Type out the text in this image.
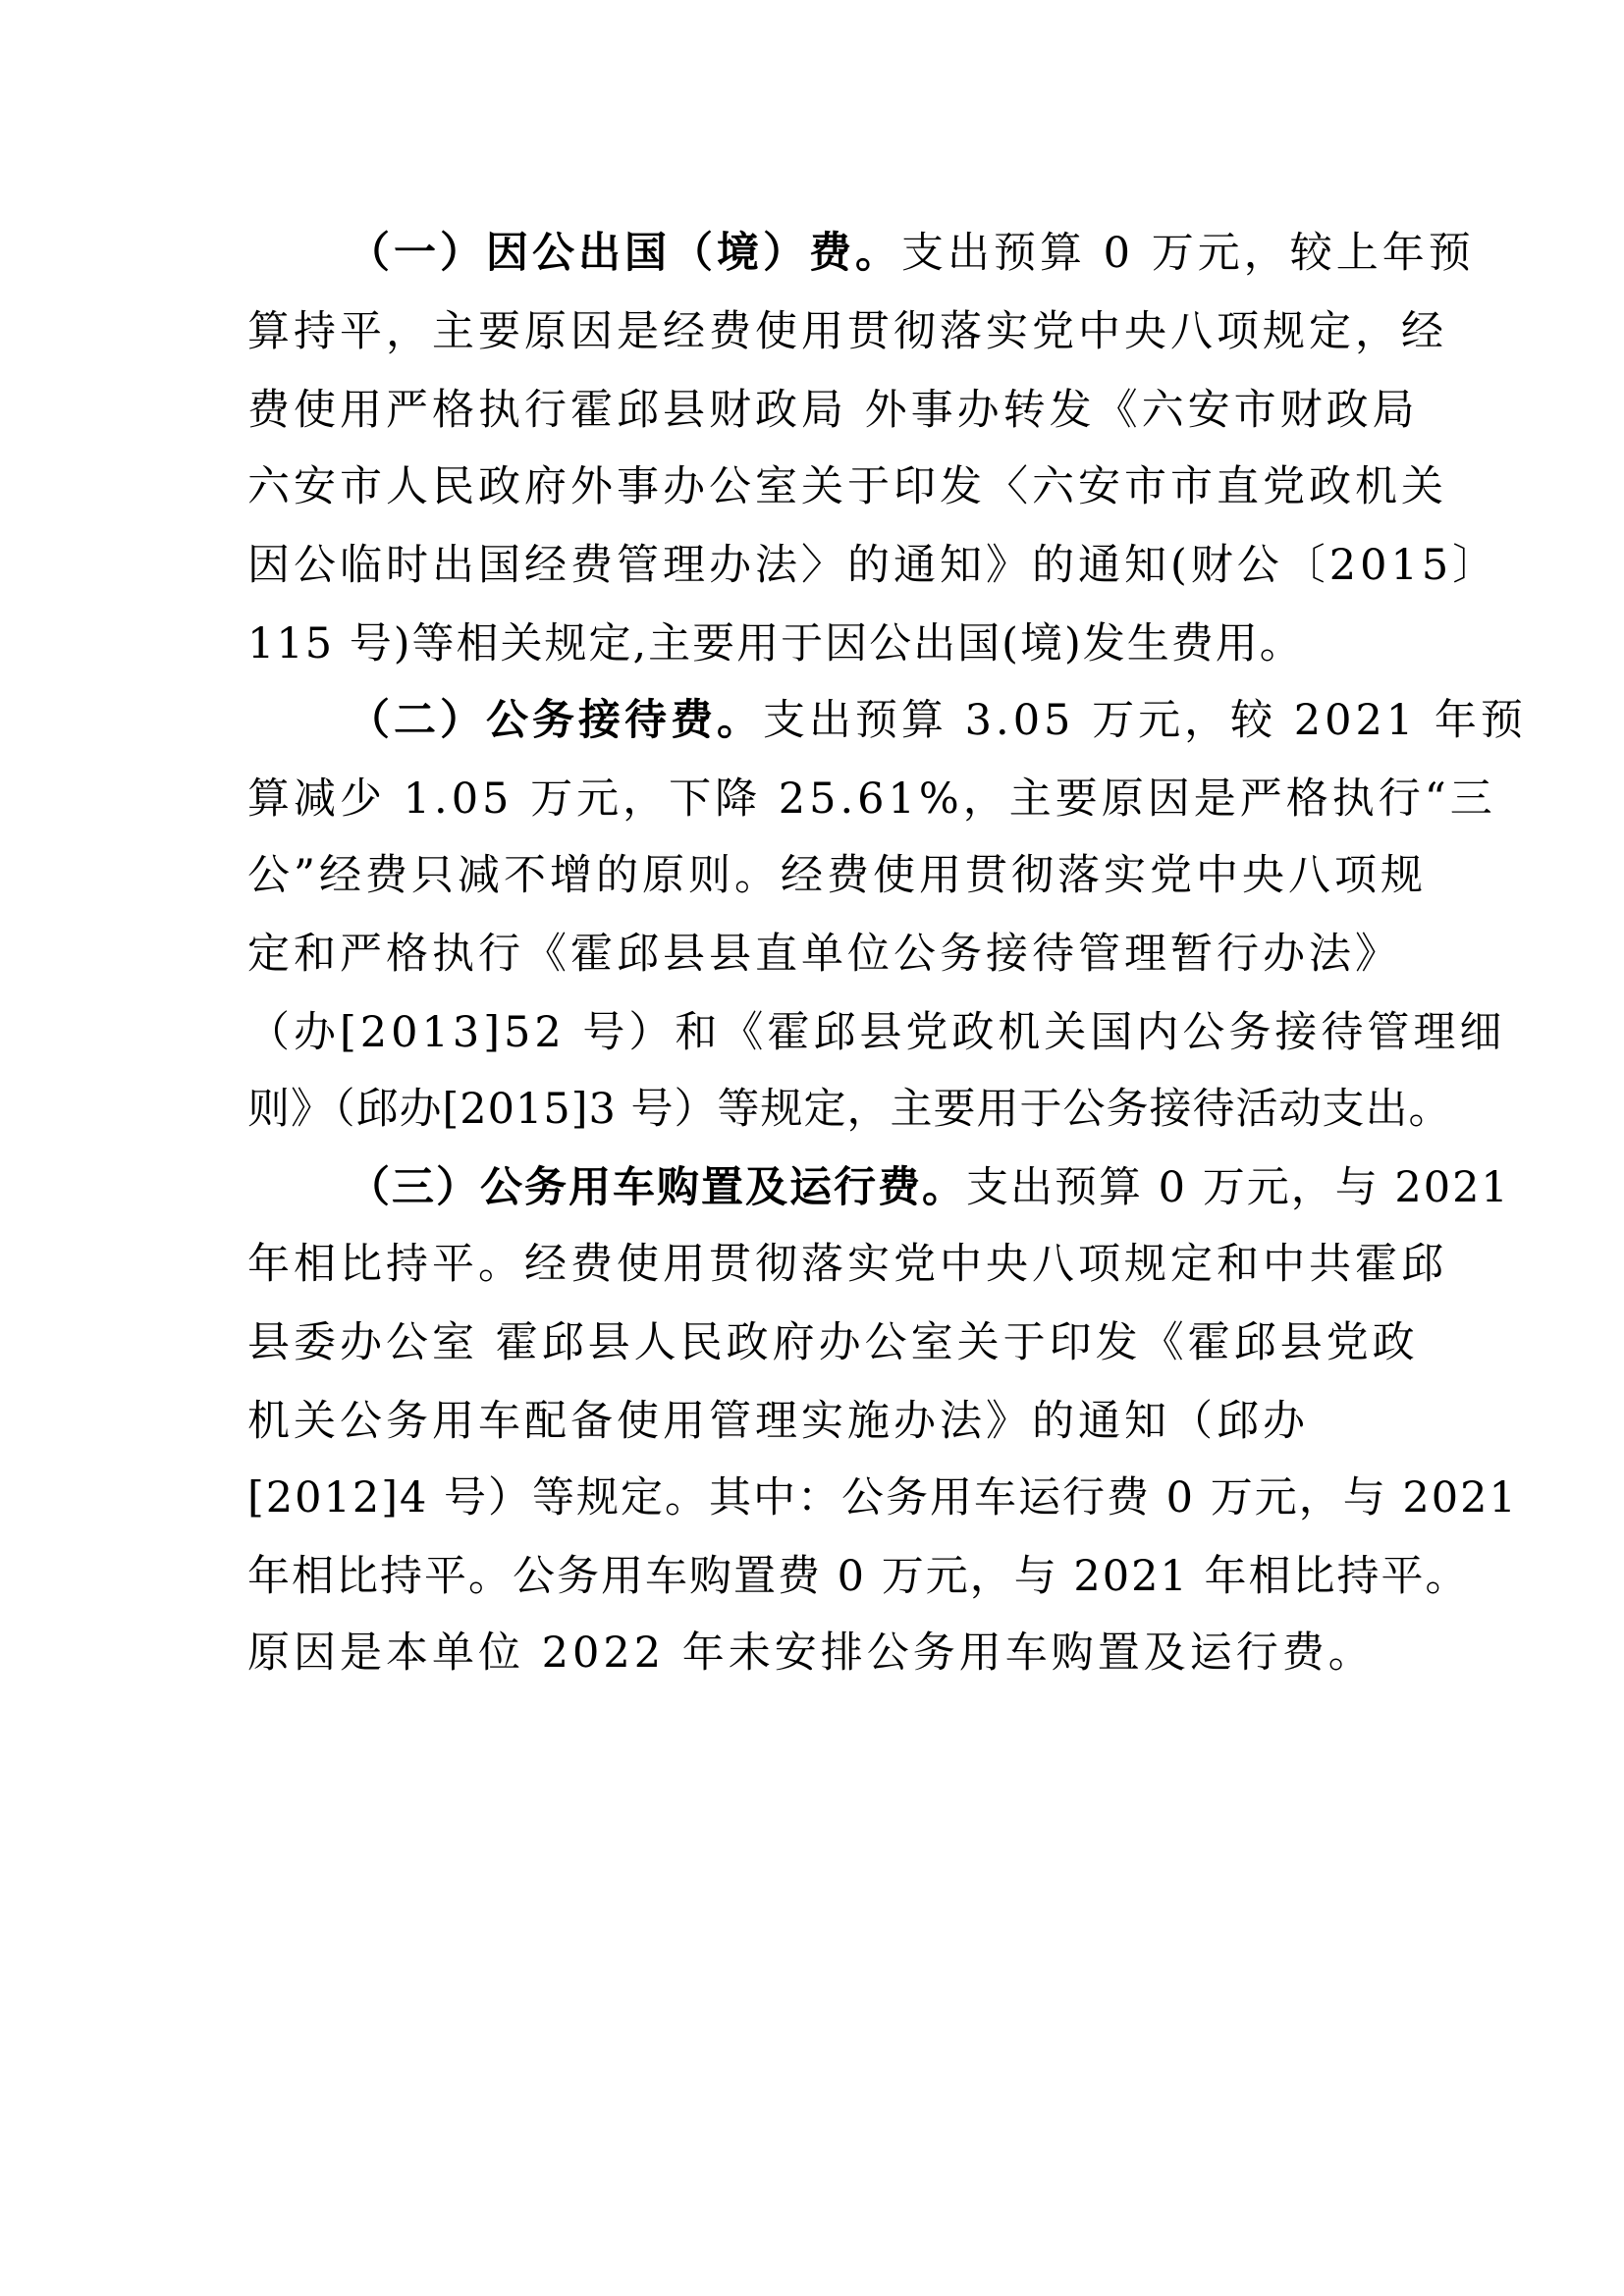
（一）因公出国（境）费。支出预算 0 万元，较上年预
算持平，主要原因是经费使用贯彻落实党中央八项规定，经
费使用严格执行霍邱县财政局 外事办转发《六安市财政局
六安市人民政府外事办公室关于印发〈六安市市直党政机关
因公临时出国经费管理办法〉的通知》的通知(财公〔2015〕
115 号)等相关规定,主要用于因公出国(境)发生费用。
（二）公务接待费。支出预算 3.05 万元，较 2021 年预
算减少 1.05 万元，下降 25.61%，主要原因是严格执行“三
公”经费只减不增的原则。经费使用贯彻落实党中央八项规
定和严格执行《霍邱县县直单位公务接待管理暂行办法》
（办[2013]52 号）和《霍邱县党政机关国内公务接待管理细
则》（邱办[2015]3 号）等规定，主要用于公务接待活动支出。
（三）公务用车购置及运行费。支出预算 0 万元，与 2021
年相比持平。经费使用贯彻落实党中央八项规定和中共霍邱
县委办公室 霍邱县人民政府办公室关于印发《霍邱县党政
机关公务用车配备使用管理实施办法》的通知（邱办
[2012]4 号）等规定。其中：公务用车运行费 0 万元，与 2021
年相比持平。公务用车购置费 0 万元，与 2021 年相比持平。
原因是本单位 2022 年未安排公务用车购置及运行费。
